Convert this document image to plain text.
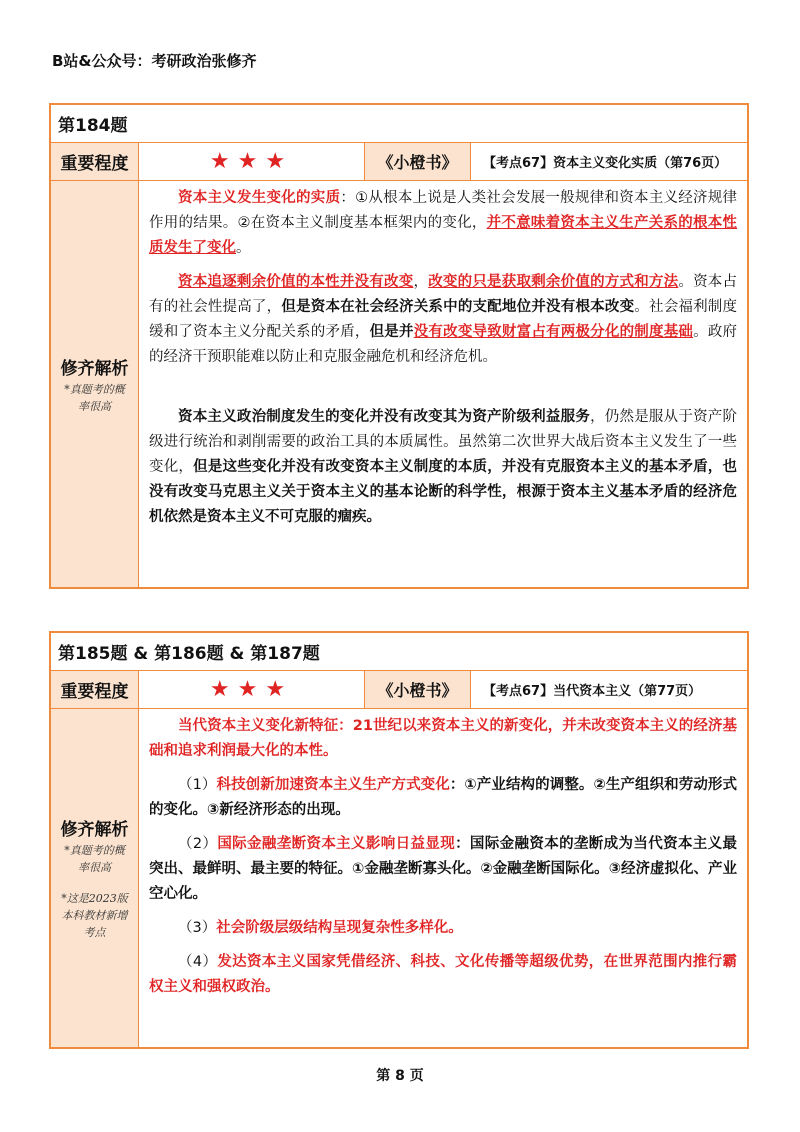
B站&公众号：考研政治张修齐
第184题
重要程度	★★★	《小橙书》	【考点67】资本主义变化实质（第76页）
修齐解析
*真题考的概率很高

资本主义发生变化的实质：①从根本上说是人类社会发展一般规律和资本主义经济规律作用的结果。②在资本主义制度基本框架内的变化，并不意味着资本主义生产关系的根本性质发生了变化。

资本追逐剩余价值的本性并没有改变，改变的只是获取剩余价值的方式和方法。资本占有的社会性提高了，但是资本在社会经济关系中的支配地位并没有根本改变。社会福利制度缓和了资本主义分配关系的矛盾，但是并没有改变导致财富占有两极分化的制度基础。政府的经济干预职能难以防止和克服金融危机和经济危机。

资本主义政治制度发生的变化并没有改变其为资产阶级利益服务，仍然是服从于资产阶级进行统治和剥削需要的政治工具的本质属性。虽然第二次世界大战后资本主义发生了一些变化，但是这些变化并没有改变资本主义制度的本质，并没有克服资本主义的基本矛盾，也没有改变马克思主义关于资本主义的基本论断的科学性，根源于资本主义基本矛盾的经济危机依然是资本主义不可克服的痼疾。

第185题 & 第186题 & 第187题
重要程度	★★★	《小橙书》	【考点67】当代资本主义（第77页）
修齐解析
*真题考的概率很高
*这是2023版本科教材新增考点

当代资本主义变化新特征：21世纪以来资本主义的新变化，并未改变资本主义的经济基础和追求利润最大化的本性。

（1）科技创新加速资本主义生产方式变化：①产业结构的调整。②生产组织和劳动形式的变化。③新经济形态的出现。

（2）国际金融垄断资本主义影响日益显现：国际金融资本的垄断成为当代资本主义最突出、最鲜明、最主要的特征。①金融垄断寡头化。②金融垄断国际化。③经济虚拟化、产业空心化。

（3）社会阶级层级结构呈现复杂性多样化。

（4）发达资本主义国家凭借经济、科技、文化传播等超级优势，在世界范围内推行霸权主义和强权政治。

第 8 页
